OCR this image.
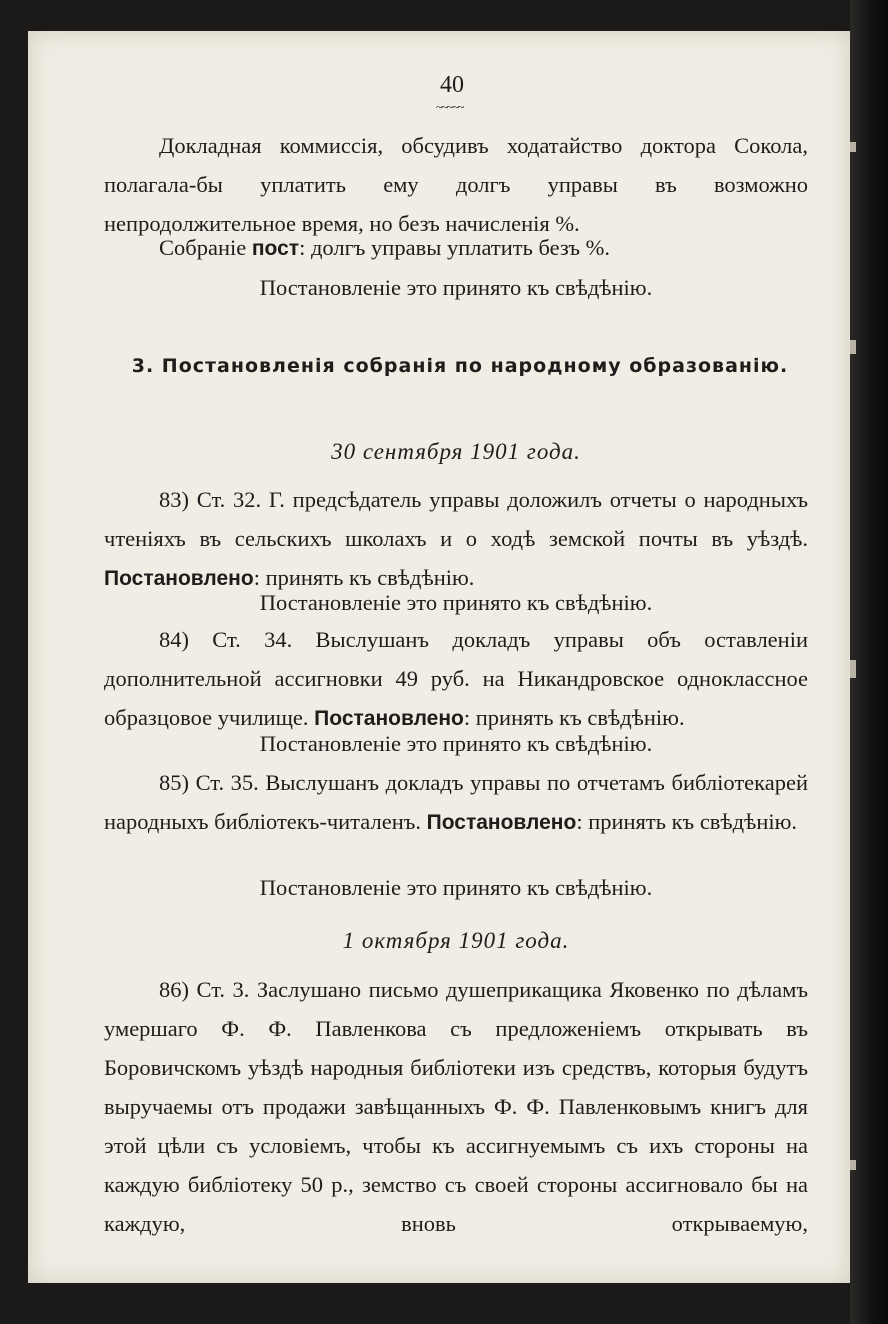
40
~~~~~

Докладная коммиссія, обсудивъ ходатайство доктора Сокола, полагала-бы уплатить ему долгъ управы въ возможно непродолжительное время, но безъ начисленія %.

Собраніе пост: долгъ управы уплатить безъ %.

Постановленіе это принято къ свѣдѣнію.

3. Постановленія собранія по народному образованію.

30 сентября 1901 года.

83) Ст. 32. Г. предсѣдатель управы доложилъ отчеты о народныхъ чтеніяхъ въ сельскихъ школахъ и о ходѣ земской почты въ уѣздѣ. Постановлено: принять къ свѣдѣнію.

Постановленіе это принято къ свѣдѣнію.

84) Ст. 34. Выслушанъ докладъ управы объ оставленіи дополнительной ассигновки 49 руб. на Никандровское одноклассное образцовое училище. Постановлено: принять къ свѣдѣнію.

Постановленіе это принято къ свѣдѣнію.

85) Ст. 35. Выслушанъ докладъ управы по отчетамъ библіотекарей народныхъ библіотекъ-читаленъ. Постановлено: принять къ свѣдѣнію.

Постановленіе это принято къ свѣдѣнію.

1 октября 1901 года.

86) Ст. 3. Заслушано письмо душеприкащика Яковенко по дѣламъ умершаго Ф. Ф. Павленкова съ предложеніемъ открывать въ Боровичскомъ уѣздѣ народныя библіотеки изъ средствъ, которыя будутъ выручаемы отъ продажи завѣщанныхъ Ф. Ф. Павленковымъ книгъ для этой цѣли съ условіемъ, чтобы къ ассигнуемымъ съ ихъ стороны на каждую библіотеку 50 р., земство съ своей стороны ассигновало бы на каждую, вновь открываемую,
